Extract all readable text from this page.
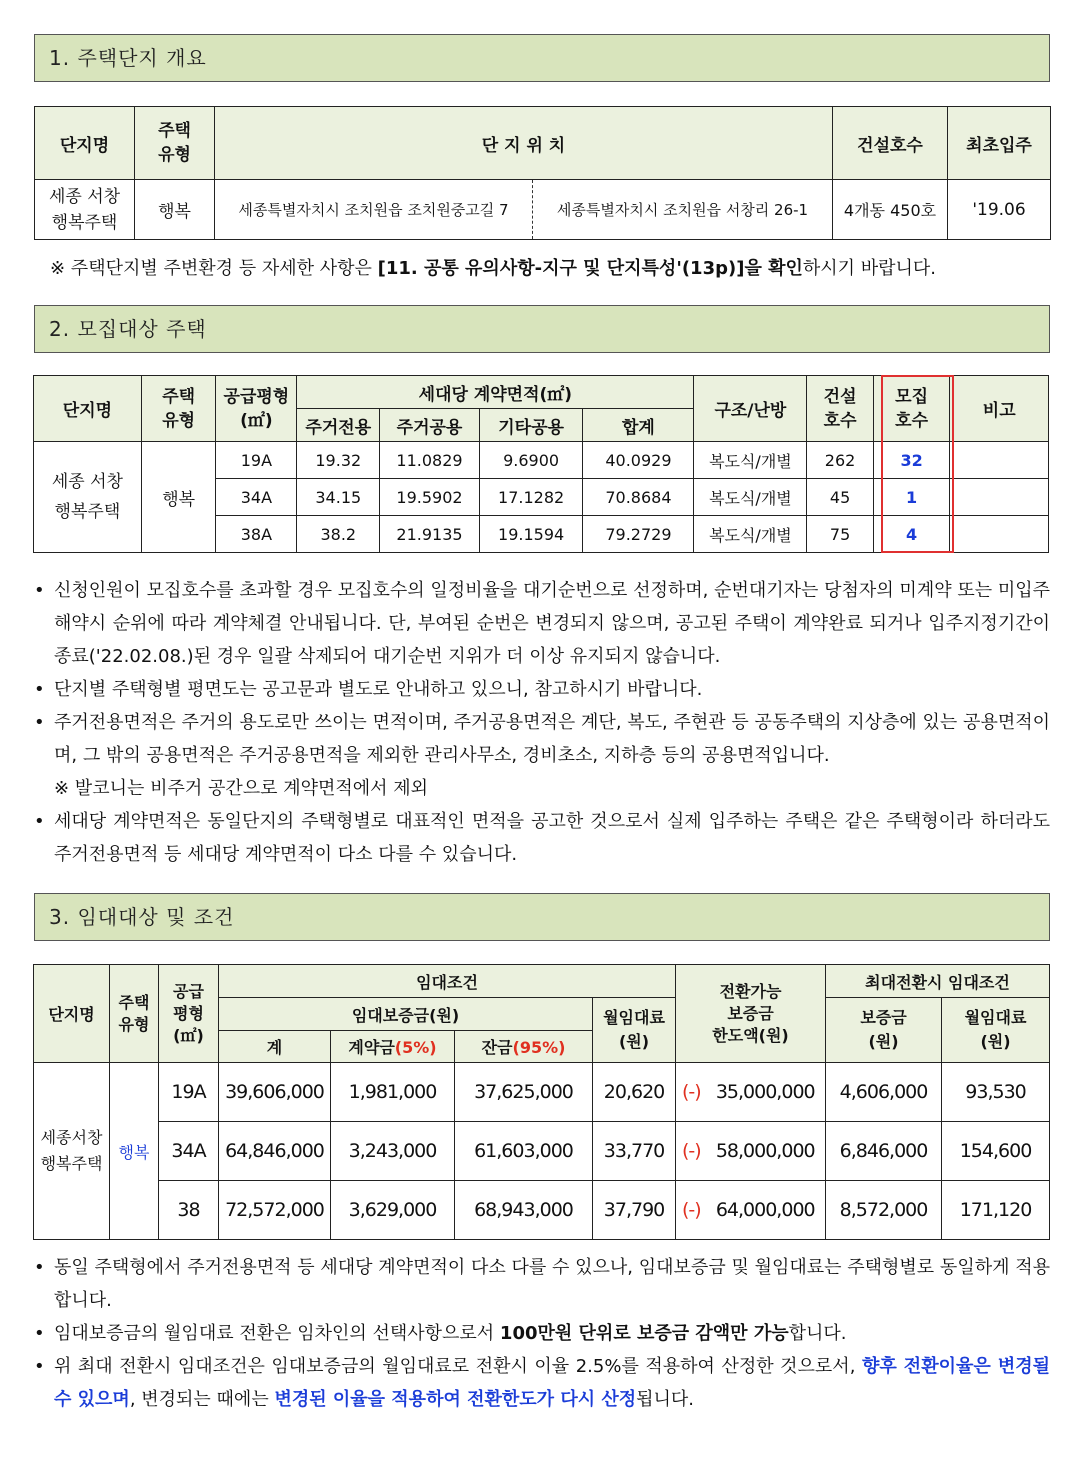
1. 주택단지 개요
단지명	주택
유형	단 지 위 치		건설호수	최초입주
세종 서창
행복주택	행복	세종특별자치시 조치원읍 조치원중고길 7	세종특별자치시 조치원읍 서창리 26-1	4개동 450호	'19.06
※ 주택단지별 주변환경 등 자세한 사항은 [11. 공통 유의사항-지구 및 단지특성'(13p)]을 확인하시기 바랍니다.
2. 모집대상 주택
단지명	주택
유형	공급평형
(㎡)	세대당 계약면적(㎡)				구조/난방	건설
호수	모집
호수	비고
			주거전용	주거공용	기타공용	합계				
세종 서창
행복주택	행복	19A	19.32	11.0829	9.6900	40.0929	복도식/개별	262	32	
		34A	34.15	19.5902	17.1282	70.8684	복도식/개별	45	1	
		38A	38.2	21.9135	19.1594	79.2729	복도식/개별	75	4	
• 신청인원이 모집호수를 초과할 경우 모집호수의 일정비율을 대기순번으로 선정하며, 순번대기자는 당첨자의 미계약 또는 미입주 해약시 순위에 따라 계약체결 안내됩니다. 단, 부여된 순번은 변경되지 않으며, 공고된 주택이 계약완료 되거나 입주지정기간이 종료('22.02.08.)된 경우 일괄 삭제되어 대기순번 지위가 더 이상 유지되지 않습니다.
• 단지별 주택형별 평면도는 공고문과 별도로 안내하고 있으니, 참고하시기 바랍니다.
• 주거전용면적은 주거의 용도로만 쓰이는 면적이며, 주거공용면적은 계단, 복도, 주현관 등 공동주택의 지상층에 있는 공용면적이며, 그 밖의 공용면적은 주거공용면적을 제외한 관리사무소, 경비초소, 지하층 등의 공용면적입니다.
※ 발코니는 비주거 공간으로 계약면적에서 제외
• 세대당 계약면적은 동일단지의 주택형별로 대표적인 면적을 공고한 것으로서 실제 입주하는 주택은 같은 주택형이라 하더라도 주거전용면적 등 세대당 계약면적이 다소 다를 수 있습니다.
3. 임대대상 및 조건
단지명	주택
유형	공급
평형
(㎡)	임대조건				전환가능
보증금
한도액(원)	최대전환시 임대조건	
			임대보증금(원)			월임대료
(원)		보증금
(원)	월임대료
(원)
			계	계약금(5%)	잔금(95%)				
세종서창
행복주택	행복	19A	39,606,000	1,981,000	37,625,000	20,620	(-) 35,000,000	4,606,000	93,530
		34A	64,846,000	3,243,000	61,603,000	33,770	(-) 58,000,000	6,846,000	154,600
		38	72,572,000	3,629,000	68,943,000	37,790	(-) 64,000,000	8,572,000	171,120
• 동일 주택형에서 주거전용면적 등 세대당 계약면적이 다소 다를 수 있으나, 임대보증금 및 월임대료는 주택형별로 동일하게 적용합니다.
• 임대보증금의 월임대료 전환은 임차인의 선택사항으로서 100만원 단위로 보증금 감액만 가능합니다.
• 위 최대 전환시 임대조건은 임대보증금의 월임대료로 전환시 이율 2.5%를 적용하여 산정한 것으로서, 향후 전환이율은 변경될 수 있으며, 변경되는 때에는 변경된 이율을 적용하여 전환한도가 다시 산정됩니다.
